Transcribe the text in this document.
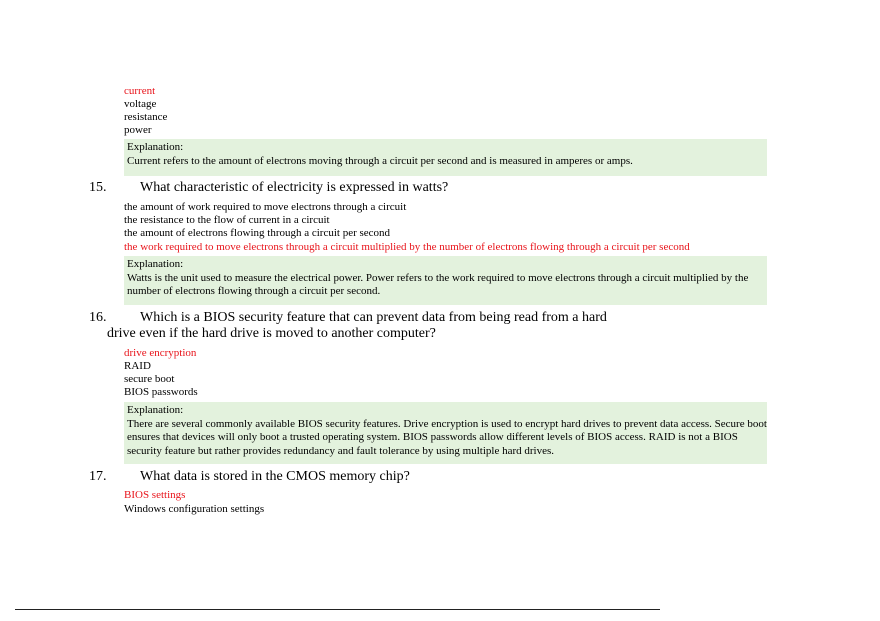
current
voltage
resistance
power
Explanation:
Current refers to the amount of electrons moving through a circuit per second and is measured in amperes or amps.
15. What characteristic of electricity is expressed in watts?
the amount of work required to move electrons through a circuit
the resistance to the flow of current in a circuit
the amount of electrons flowing through a circuit per second
the work required to move electrons through a circuit multiplied by the number of electrons flowing through a circuit per second
Explanation:
Watts is the unit used to measure the electrical power. Power refers to the work required to move electrons through a circuit multiplied by the number of electrons flowing through a circuit per second.
16. Which is a BIOS security feature that can prevent data from being read from a hard
drive even if the hard drive is moved to another computer?
drive encryption
RAID
secure boot
BIOS passwords
Explanation:
There are several commonly available BIOS security features. Drive encryption is used to encrypt hard drives to prevent data access. Secure boot ensures that devices will only boot a trusted operating system. BIOS passwords allow different levels of BIOS access. RAID is not a BIOS security feature but rather provides redundancy and fault tolerance by using multiple hard drives.
17. What data is stored in the CMOS memory chip?
BIOS settings
Windows configuration settings
